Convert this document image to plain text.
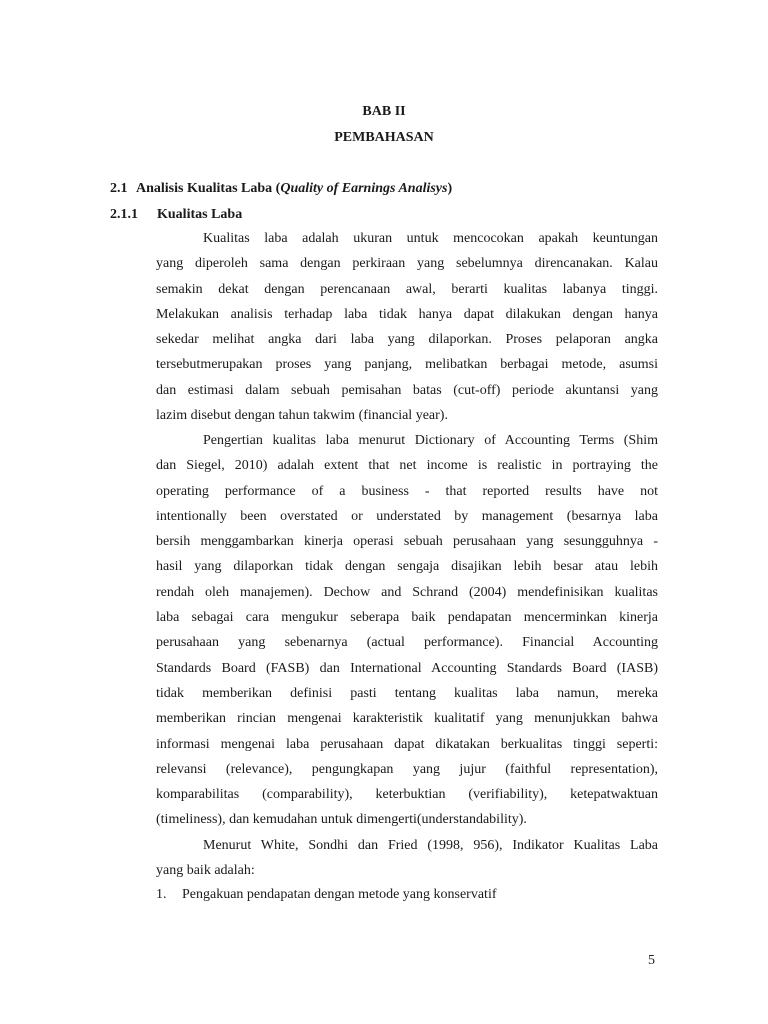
BAB II
PEMBAHASAN
2.1 Analisis Kualitas Laba (Quality of Earnings Analisys)
2.1.1 Kualitas Laba
Kualitas laba adalah ukuran untuk mencocokan apakah keuntungan
yang diperoleh sama dengan perkiraan yang sebelumnya direncanakan. Kalau
semakin dekat dengan perencanaan awal, berarti kualitas labanya tinggi.
Melakukan analisis terhadap laba tidak hanya dapat dilakukan dengan hanya
sekedar melihat angka dari laba yang dilaporkan. Proses pelaporan angka
tersebutmerupakan proses yang panjang, melibatkan berbagai metode, asumsi
dan estimasi dalam sebuah pemisahan batas (cut-off) periode akuntansi yang
lazim disebut dengan tahun takwim (financial year).
Pengertian kualitas laba menurut Dictionary of Accounting Terms (Shim
dan Siegel, 2010) adalah extent that net income is realistic in portraying the
operating performance of a business - that reported results have not
intentionally been overstated or understated by management (besarnya laba
bersih menggambarkan kinerja operasi sebuah perusahaan yang sesungguhnya -
hasil yang dilaporkan tidak dengan sengaja disajikan lebih besar atau lebih
rendah oleh manajemen). Dechow and Schrand (2004) mendefinisikan kualitas
laba sebagai cara mengukur seberapa baik pendapatan mencerminkan kinerja
perusahaan yang sebenarnya (actual performance). Financial Accounting
Standards Board (FASB) dan International Accounting Standards Board (IASB)
tidak memberikan definisi pasti tentang kualitas laba namun, mereka
memberikan rincian mengenai karakteristik kualitatif yang menunjukkan bahwa
informasi mengenai laba perusahaan dapat dikatakan berkualitas tinggi seperti:
relevansi (relevance), pengungkapan yang jujur (faithful representation),
komparabilitas (comparability), keterbuktian (verifiability), ketepatwaktuan
(timeliness), dan kemudahan untuk dimengerti(understandability).
Menurut White, Sondhi dan Fried (1998, 956), Indikator Kualitas Laba
yang baik adalah:
1. Pengakuan pendapatan dengan metode yang konservatif
5
